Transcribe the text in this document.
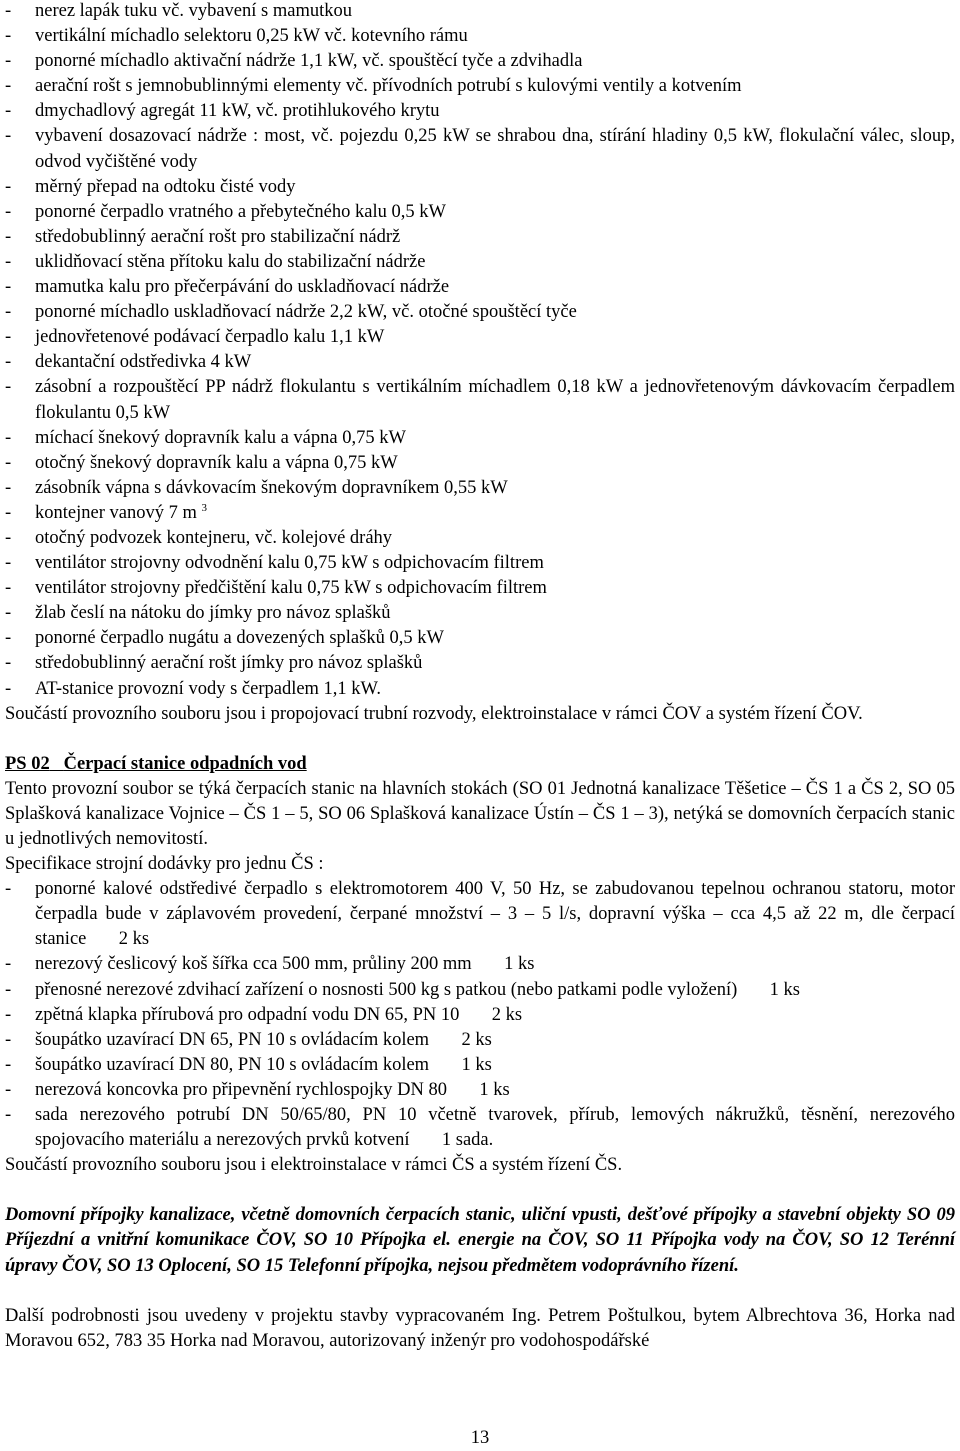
-	nerez lapák tuku vč. vybavení s mamutkou
-	vertikální míchadlo selektoru 0,25 kW vč. kotevního rámu
-	ponorné míchadlo aktivační nádrže 1,1 kW, vč. spouštěcí tyče a zdvihadla
-	aerační rošt s jemnobublinnými elementy vč. přívodních potrubí s kulovými ventily a kotvením
-	dmychadlový agregát 11 kW, vč. protihlukového krytu
-	vybavení dosazovací nádrže : most, vč. pojezdu 0,25 kW se shrabou dna, stírání hladiny 0,5 kW, flokulační válec, sloup, odvod vyčištěné vody
-	měrný přepad na odtoku čisté vody
-	ponorné čerpadlo vratného a přebytečného kalu 0,5 kW
-	středobublinný aerační rošt pro stabilizační nádrž
-	uklidňovací stěna přítoku kalu do stabilizační nádrže
-	mamutka kalu pro přečerpávání do uskladňovací nádrže
-	ponorné míchadlo uskladňovací nádrže 2,2 kW, vč. otočné spouštěcí tyče
-	jednovřetenové podávací čerpadlo kalu 1,1 kW
-	dekantační odstředivka 4 kW
-	zásobní a rozpouštěcí PP nádrž flokulantu s vertikálním míchadlem 0,18 kW a jednovřetenovým dávkovacím čerpadlem flokulantu 0,5 kW
-	míchací šnekový dopravník kalu a vápna 0,75 kW
-	otočný šnekový dopravník kalu a vápna 0,75 kW
-	zásobník vápna s dávkovacím šnekovým dopravníkem 0,55 kW
-	kontejner vanový 7 m $^3$
-	otočný podvozek kontejneru, vč. kolejové dráhy
-	ventilátor strojovny odvodnění kalu 0,75 kW s odpichovacím filtrem
-	ventilátor strojovny předčištění kalu 0,75 kW s odpichovacím filtrem
-	žlab česlí na nátoku do jímky pro návoz splašků
-	ponorné čerpadlo nugátu a dovezených splašků 0,5 kW
-	středobublinný aerační rošt jímky pro návoz splašků
-	AT-stanice provozní vody s čerpadlem 1,1 kW.
Součástí provozního souboru jsou i propojovací trubní rozvody, elektroinstalace v rámci ČOV a systém řízení ČOV.
PS 02 Čerpací stanice odpadních vod
Tento provozní soubor se týká čerpacích stanic na hlavních stokách (SO 01 Jednotná kanalizace Těšetice – ČS 1 a ČS 2, SO 05 Splašková kanalizace Vojnice – ČS 1 – 5, SO 06 Splašková kanalizace Ústín – ČS 1 – 3), netýká se domovních čerpacích stanic u jednotlivých nemovitostí.
Specifikace strojní dodávky pro jednu ČS :
-	ponorné kalové odstředivé čerpadlo s elektromotorem 400 V, 50 Hz, se zabudovanou tepelnou ochranou statoru, motor čerpadla bude v záplavovém provedení, čerpané množství – 3 – 5 l/s, dopravní výška – cca 4,5 až 22 m, dle čerpací stanice 2 ks
-	nerezový česlicový koš šířka cca 500 mm, průliny 200 mm 1 ks
-	přenosné nerezové zdvihací zařízení o nosnosti 500 kg s patkou (nebo patkami podle vyložení) 1 ks
-	zpětná klapka přírubová pro odpadní vodu DN 65, PN 10 2 ks
-	šoupátko uzavírací DN 65, PN 10 s ovládacím kolem 2 ks
-	šoupátko uzavírací DN 80, PN 10 s ovládacím kolem 1 ks
-	nerezová koncovka pro připevnění rychlospojky DN 80 1 ks
-	sada nerezového potrubí DN 50/65/80, PN 10 včetně tvarovek, přírub, lemových nákružků, těsnění, nerezového spojovacího materiálu a nerezových prvků kotvení 1 sada.
Součástí provozního souboru jsou i elektroinstalace v rámci ČS a systém řízení ČS.
Domovní přípojky kanalizace, včetně domovních čerpacích stanic, uliční vpusti, dešťové přípojky a stavební objekty SO 09 Příjezdní a vnitřní komunikace ČOV, SO 10 Přípojka el. energie na ČOV, SO 11 Přípojka vody na ČOV, SO 12 Terénní úpravy ČOV, SO 13 Oplocení, SO 15 Telefonní přípojka, nejsou předmětem vodoprávního řízení.
Další podrobnosti jsou uvedeny v projektu stavby vypracovaném Ing. Petrem Poštulkou, bytem Albrechtova 36, Horka nad Moravou 652, 783 35 Horka nad Moravou, autorizovaný inženýr pro vodohospodářské
13
